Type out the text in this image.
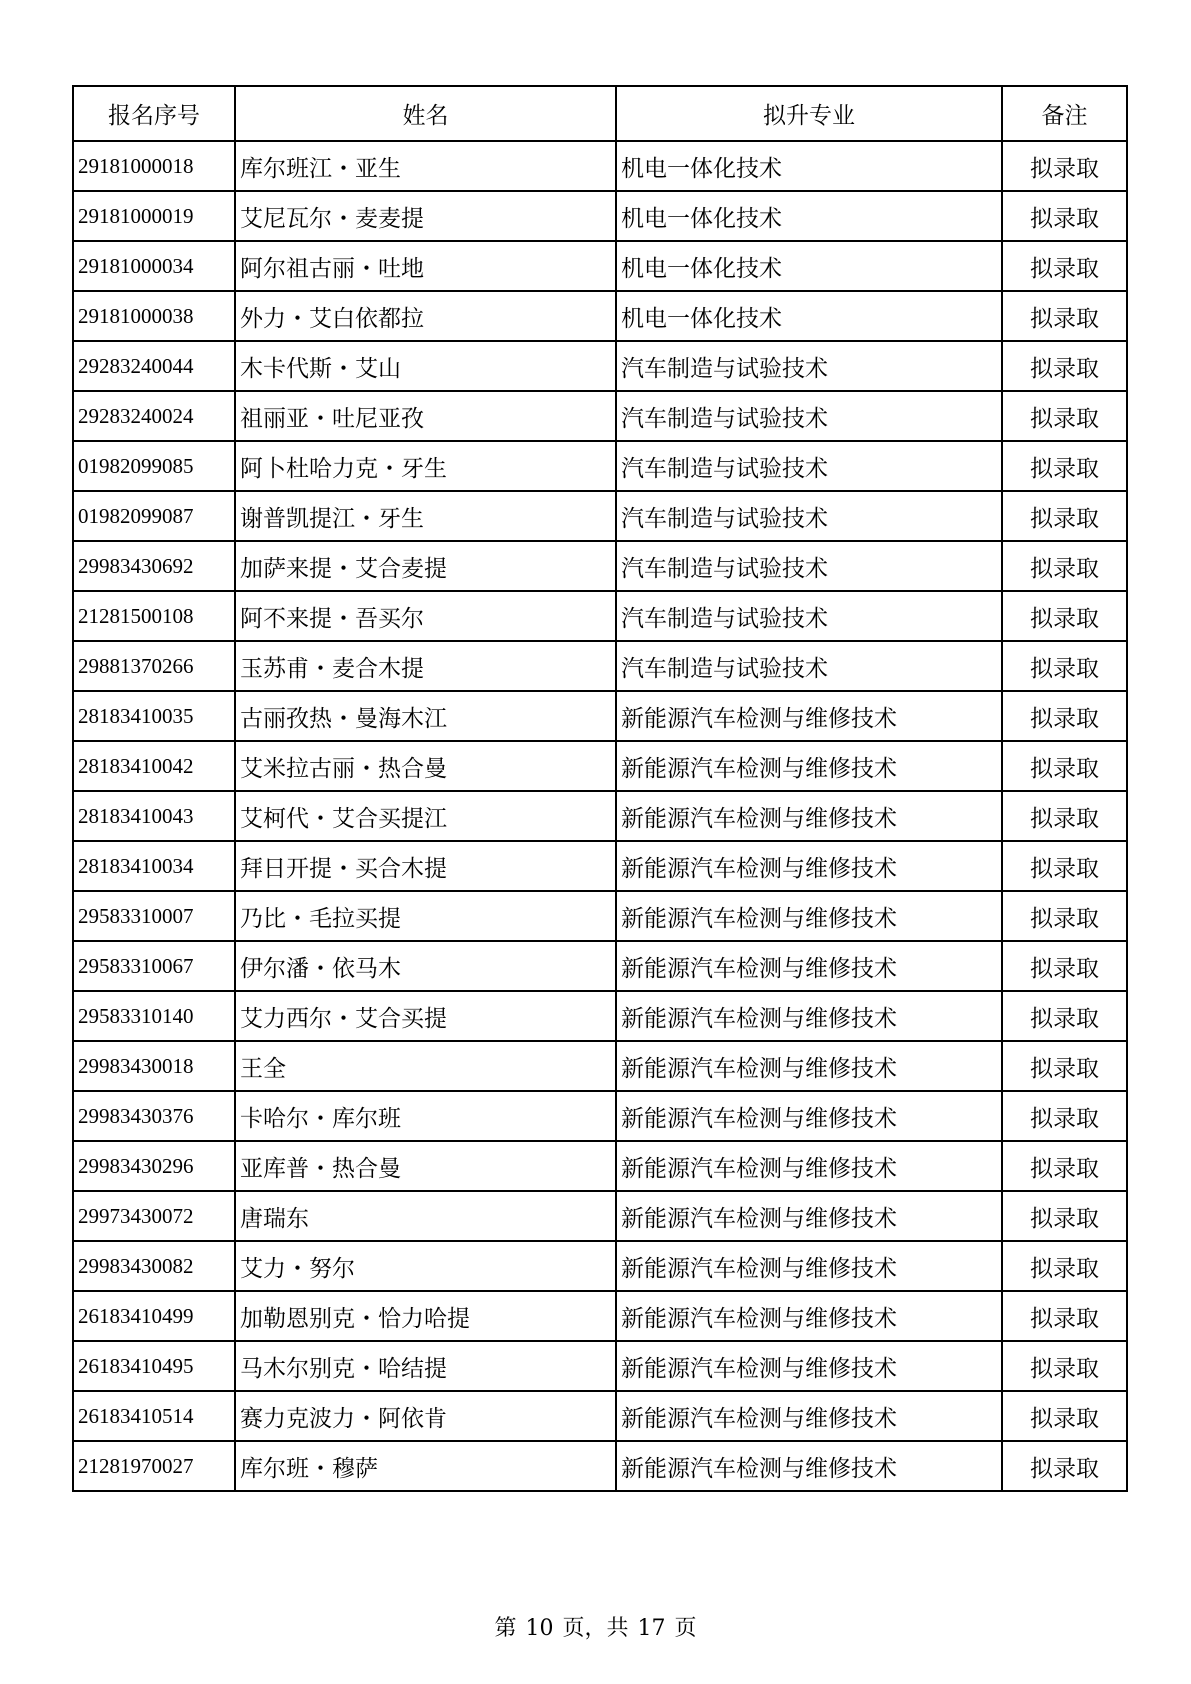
报名序号	姓名	拟升专业	备注
29181000018	库尔班江・亚生	机电一体化技术	拟录取
29181000019	艾尼瓦尔・麦麦提	机电一体化技术	拟录取
29181000034	阿尔祖古丽・吐地	机电一体化技术	拟录取
29181000038	外力・艾白依都拉	机电一体化技术	拟录取
29283240044	木卡代斯・艾山	汽车制造与试验技术	拟录取
29283240024	祖丽亚・吐尼亚孜	汽车制造与试验技术	拟录取
01982099085	阿卜杜哈力克・牙生	汽车制造与试验技术	拟录取
01982099087	谢普凯提江・牙生	汽车制造与试验技术	拟录取
29983430692	加萨来提・艾合麦提	汽车制造与试验技术	拟录取
21281500108	阿不来提・吾买尔	汽车制造与试验技术	拟录取
29881370266	玉苏甫・麦合木提	汽车制造与试验技术	拟录取
28183410035	古丽孜热・曼海木江	新能源汽车检测与维修技术	拟录取
28183410042	艾米拉古丽・热合曼	新能源汽车检测与维修技术	拟录取
28183410043	艾柯代・艾合买提江	新能源汽车检测与维修技术	拟录取
28183410034	拜日开提・买合木提	新能源汽车检测与维修技术	拟录取
29583310007	乃比・毛拉买提	新能源汽车检测与维修技术	拟录取
29583310067	伊尔潘・依马木	新能源汽车检测与维修技术	拟录取
29583310140	艾力西尔・艾合买提	新能源汽车检测与维修技术	拟录取
29983430018	王全	新能源汽车检测与维修技术	拟录取
29983430376	卡哈尔・库尔班	新能源汽车检测与维修技术	拟录取
29983430296	亚库普・热合曼	新能源汽车检测与维修技术	拟录取
29973430072	唐瑞东	新能源汽车检测与维修技术	拟录取
29983430082	艾力・努尔	新能源汽车检测与维修技术	拟录取
26183410499	加勒恩别克・恰力哈提	新能源汽车检测与维修技术	拟录取
26183410495	马木尔别克・哈结提	新能源汽车检测与维修技术	拟录取
26183410514	赛力克波力・阿依肯	新能源汽车检测与维修技术	拟录取
21281970027	库尔班・穆萨	新能源汽车检测与维修技术	拟录取
第 10 页，共 17 页
